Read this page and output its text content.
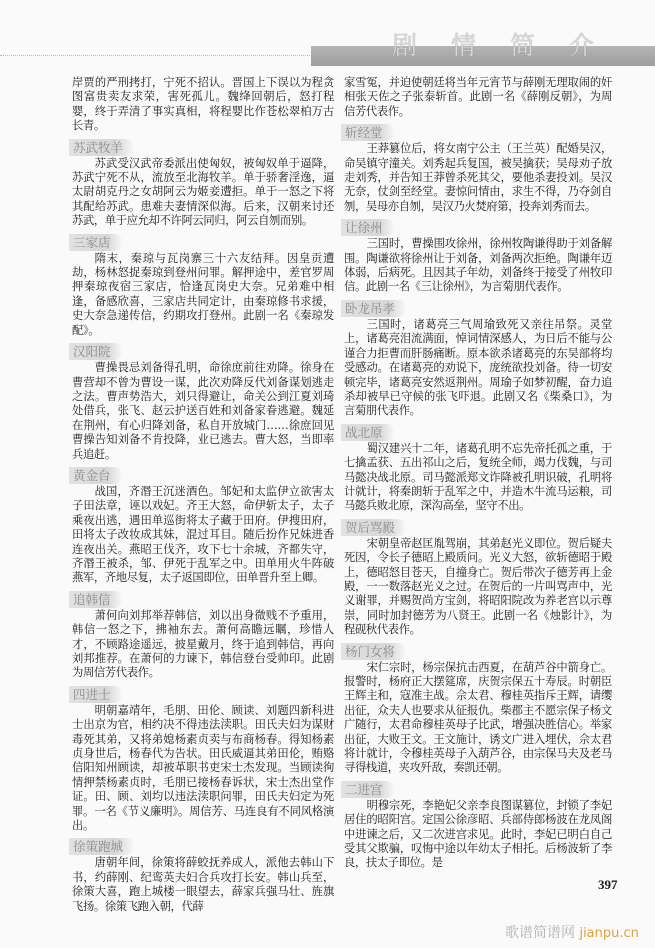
剧情简介

岸贾的严刑拷打，宁死不招认。晋国上下误以为程贪图富贵卖友求荣，害死孤儿。魏绛回朝后，怒打程婴，终于弄清了事实真相，将程婴比作苍松翠柏万古长青。

苏武牧羊

苏武受汉武帝委派出使匈奴，被匈奴单于逼降，苏武宁死不从，流放至北海牧羊。单于骄奢淫逸，逼太尉胡克丹之女胡阿云为姬妾遭拒。单于一怒之下将其配给苏武。患难夫妻情深似海。后来，汉朝来讨还苏武，单于应允却不许阿云同归，阿云自刎而别。

三家店

隋末，秦琼与瓦岗寨三十六友结拜。因皇贡遭劫，杨林怒捉秦琼到登州问罪。解押途中，差官罗周押秦琼夜宿三家店，恰逢瓦岗史大奈。兄弟难中相逢，备感欣喜，三家店共同定计，由秦琼修书求援，史大奈急递传信，约期攻打登州。此剧一名《秦琼发配》。

汉阳院

曹操畏忌刘备得孔明，命徐庶前往劝降。徐身在曹营却不曾为曹设一谋，此次劝降反代刘备谋划逃走之法。曹声势浩大，刘只得避让，命关公到江夏刘琦处借兵，张飞、赵云护送百姓和刘备家眷逃避。魏延在荆州，有心归降刘备，私自开放城门……徐庶回见曹操告知刘备不肯投降，业已逃去。曹大怒，当即率兵追赶。

黄金台

战国，齐湣王沉迷酒色。邹妃和太监伊立欲害太子田法章，诬以戏妃。齐王大怒，命伊斩太子，太子乘夜出逃，遇田单巡街将太子藏于田府。伊搜田府，田将太子改妆成其妹，混过耳目。随后扮作兄妹进香连夜出关。燕昭王伐齐，攻下七十余城，齐都失守，齐湣王被杀，邹、伊死于乱军之中。田单用火牛阵破燕军，齐地尽复，太子返国即位，田单晋升至上卿。

追韩信

萧何向刘邦举荐韩信，刘以出身微贱不予重用，韩信一怒之下，拂袖东去。萧何高瞻远瞩，珍惜人才，不顾路途遥远，披星戴月，终于追到韩信，再向刘邦推荐。在萧何的力谏下，韩信登台受帅印。此剧为周信芳代表作。

四进士

明朝嘉靖年，毛朋、田伦、顾读、刘题四新科进士出京为官，相约决不得违法渎职。田氏夫妇为谋财毒死其弟，又将弟媳杨素贞卖与布商杨春。得知杨素贞身世后，杨春代为告状。田氏威逼其弟田伦，贿赂信阳知州顾读，却被革职书吏宋士杰发现。当顾读徇情押禁杨素贞时，毛朋已接杨春诉状，宋士杰出堂作证。田、顾、刘均以违法渎职问罪，田氏夫妇定为死罪。一名《节义廉明》。周信芳、马连良有不同风格演出。

徐策跑城

唐朝年间，徐策将薛蛟抚养成人，派他去韩山下书，约薛刚、纪鸾英夫妇合兵攻打长安。韩山兵至，徐策大喜，跑上城楼一眼望去，薛家兵强马壮、旌旗飞扬。徐策飞跑入朝，代薛

家雪冤，并迫使朝廷将当年元宵节与薛刚无理取闹的奸相张天佐之子张泰斩首。此剧一名《薛刚反朝》，为周信芳代表作。

斩经堂

王莽篡位后，将女南宁公主（王兰英）配婚吴汉，命吴镇守潼关。刘秀起兵复国，被吴擒获；吴母劝子放走刘秀，并告知王莽曾杀死其父，要他杀妻投刘。吴汉无奈，仗剑至经堂。妻惊问情由，求生不得，乃夺剑自刎，吴母亦自刎，吴汉乃火焚府第，投奔刘秀而去。

让徐州

三国时，曹操围攻徐州，徐州牧陶谦得助于刘备解围。陶谦欲将徐州让于刘备，刘备两次拒绝。陶谦年迈体弱，后病死。且因其子年幼，刘备终于接受了州牧印信。此剧一名《三让徐州》，为言菊朋代表作。

卧龙吊孝

三国时，诸葛亮三气周瑜致死又亲往吊祭。灵堂上，诸葛亮泪流满面，悼词情深感人，为日后不能与公谨合力拒曹而肝肠痛断。原本欲杀诸葛亮的东吴部将均受感动。在诸葛亮的劝说下，庞统欲投刘备。待一切安顿完毕，诸葛亮安然返荆州。周瑜子如梦初醒，奋力追杀却被早已守候的张飞吓退。此剧又名《柴桑口》，为言菊朋代表作。

战北原

蜀汉建兴十二年，诸葛孔明不忘先帝托孤之重，于七擒孟获、五出祁山之后，复统全师，竭力伐魏，与司马懿决战北原。司马懿派郑文诈降被孔明识破，孔明将计就计，将秦朗斩于乱军之中，并造木牛流马运粮，司马懿兵败北原，深沟高垒，坚守不出。

贺后骂殿

宋朝皇帝赵匡胤驾崩，其弟赵光义即位。贺后疑夫死因，令长子德昭上殿质问。光义大怒，欲斩德昭于殿上，德昭怒目苍天，自撞身亡。贺后带次子德芳再上金殿，一一数落赵光义之过。在贺后的一片叫骂声中，光义谢罪，并赐贺尚方宝剑，将昭阳院改为养老宫以示尊崇，同时加封德芳为八贤王。此剧一名《烛影计》，为程砚秋代表作。

杨门女将

宋仁宗时，杨宗保抗击西夏，在葫芦谷中箭身亡。报警时，杨府正大摆筵席，庆贺宗保五十寿辰。时朝臣王辉主和，寇准主战。佘太君、穆桂英指斥王辉，请缨出征，众夫人也要求从征报仇。柴郡主不愿宗保子杨文广随行，太君命穆桂英母子比武，增强决胜信心。举家出征，大败王文。王文施计，诱文广进入埋伏，佘太君将计就计，令穆桂英母子入葫芦谷，由宗保马夫及老马寻得栈道，夹攻歼敌，奏凯还朝。

二进宫

明穆宗死，李艳妃父亲李良图谋篡位，封锁了李妃居住的昭阳宫。定国公徐彦昭、兵部侍郎杨波在龙凤阁中进谏之后，又二次进宫求见。此时，李妃已明白自己受其父欺骗，叹悔中途以年幼太子相托。后杨波斩了李良，扶太子即位。是

397
歌谱简谱网 jianpu.cn
